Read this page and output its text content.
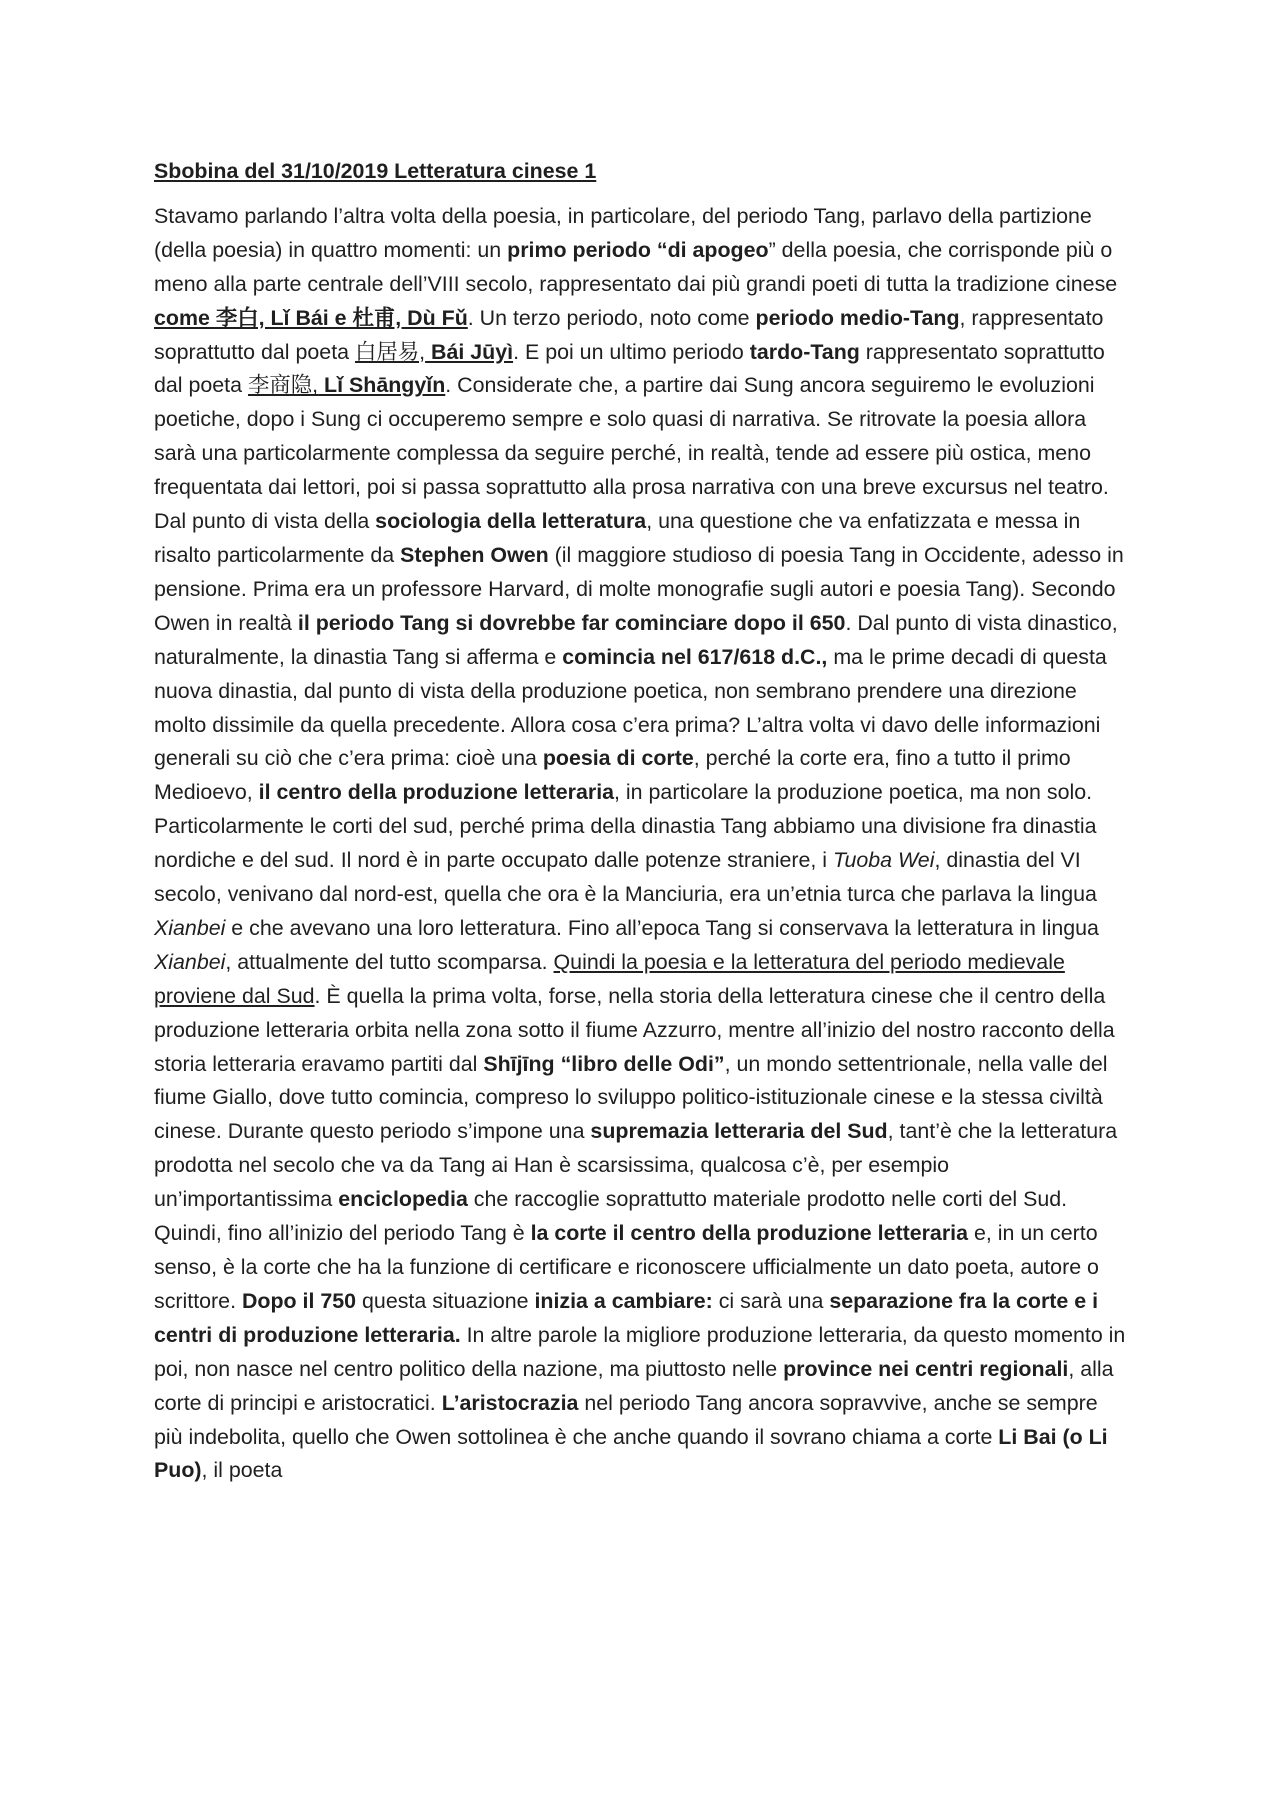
Sbobina del 31/10/2019 Letteratura cinese 1

Stavamo parlando l’altra volta della poesia, in particolare, del periodo Tang, parlavo della partizione (della poesia) in quattro momenti: un primo periodo “di apogeo” della poesia, che corrisponde più o meno alla parte centrale dell’VIII secolo, rappresentato dai più grandi poeti di tutta la tradizione cinese come 李白, Lǐ Bái e 杜甫, Dù Fǔ. Un terzo periodo, noto come periodo medio-Tang, rappresentato soprattutto dal poeta 白居易, Bái Jūyì. E poi un ultimo periodo tardo-Tang rappresentato soprattutto dal poeta 李商隐, Lǐ Shāngyǐn. Considerate che, a partire dai Sung ancora seguiremo le evoluzioni poetiche, dopo i Sung ci occuperemo sempre e solo quasi di narrativa. Se ritrovate la poesia allora sarà una particolarmente complessa da seguire perché, in realtà, tende ad essere più ostica, meno frequentata dai lettori, poi si passa soprattutto alla prosa narrativa con una breve excursus nel teatro. Dal punto di vista della sociologia della letteratura, una questione che va enfatizzata e messa in risalto particolarmente da Stephen Owen (il maggiore studioso di poesia Tang in Occidente, adesso in pensione. Prima era un professore Harvard, di molte monografie sugli autori e poesia Tang). Secondo Owen in realtà il periodo Tang si dovrebbe far cominciare dopo il 650. Dal punto di vista dinastico, naturalmente, la dinastia Tang si afferma e comincia nel 617/618 d.C., ma le prime decadi di questa nuova dinastia, dal punto di vista della produzione poetica, non sembrano prendere una direzione molto dissimile da quella precedente. Allora cosa c’era prima? L’altra volta vi davo delle informazioni generali su ciò che c’era prima: cioè una poesia di corte, perché la corte era, fino a tutto il primo Medioevo, il centro della produzione letteraria, in particolare la produzione poetica, ma non solo. Particolarmente le corti del sud, perché prima della dinastia Tang abbiamo una divisione fra dinastia nordiche e del sud. Il nord è in parte occupato dalle potenze straniere, i Tuoba Wei, dinastia del VI secolo, venivano dal nord-est, quella che ora è la Manciuria, era un’etnia turca che parlava la lingua Xianbei e che avevano una loro letteratura. Fino all’epoca Tang si conservava la letteratura in lingua Xianbei, attualmente del tutto scomparsa. Quindi la poesia e la letteratura del periodo medievale proviene dal Sud. È quella la prima volta, forse, nella storia della letteratura cinese che il centro della produzione letteraria orbita nella zona sotto il fiume Azzurro, mentre all’inizio del nostro racconto della storia letteraria eravamo partiti dal Shījīng “libro delle Odi”, un mondo settentrionale, nella valle del fiume Giallo, dove tutto comincia, compreso lo sviluppo politico-istituzionale cinese e la stessa civiltà cinese. Durante questo periodo s’impone una supremazia letteraria del Sud, tant’è che la letteratura prodotta nel secolo che va da Tang ai Han è scarsissima, qualcosa c’è, per esempio un’importantissima enciclopedia che raccoglie soprattutto materiale prodotto nelle corti del Sud.

Quindi, fino all’inizio del periodo Tang è la corte il centro della produzione letteraria e, in un certo senso, è la corte che ha la funzione di certificare e riconoscere ufficialmente un dato poeta, autore o scrittore. Dopo il 750 questa situazione inizia a cambiare: ci sarà una separazione fra la corte e i centri di produzione letteraria. In altre parole la migliore produzione letteraria, da questo momento in poi, non nasce nel centro politico della nazione, ma piuttosto nelle province nei centri regionali, alla corte di principi e aristocratici. L’aristocrazia nel periodo Tang ancora sopravvive, anche se sempre più indebolita, quello che Owen sottolinea è che anche quando il sovrano chiama a corte Li Bai (o Li Puo), il poeta
